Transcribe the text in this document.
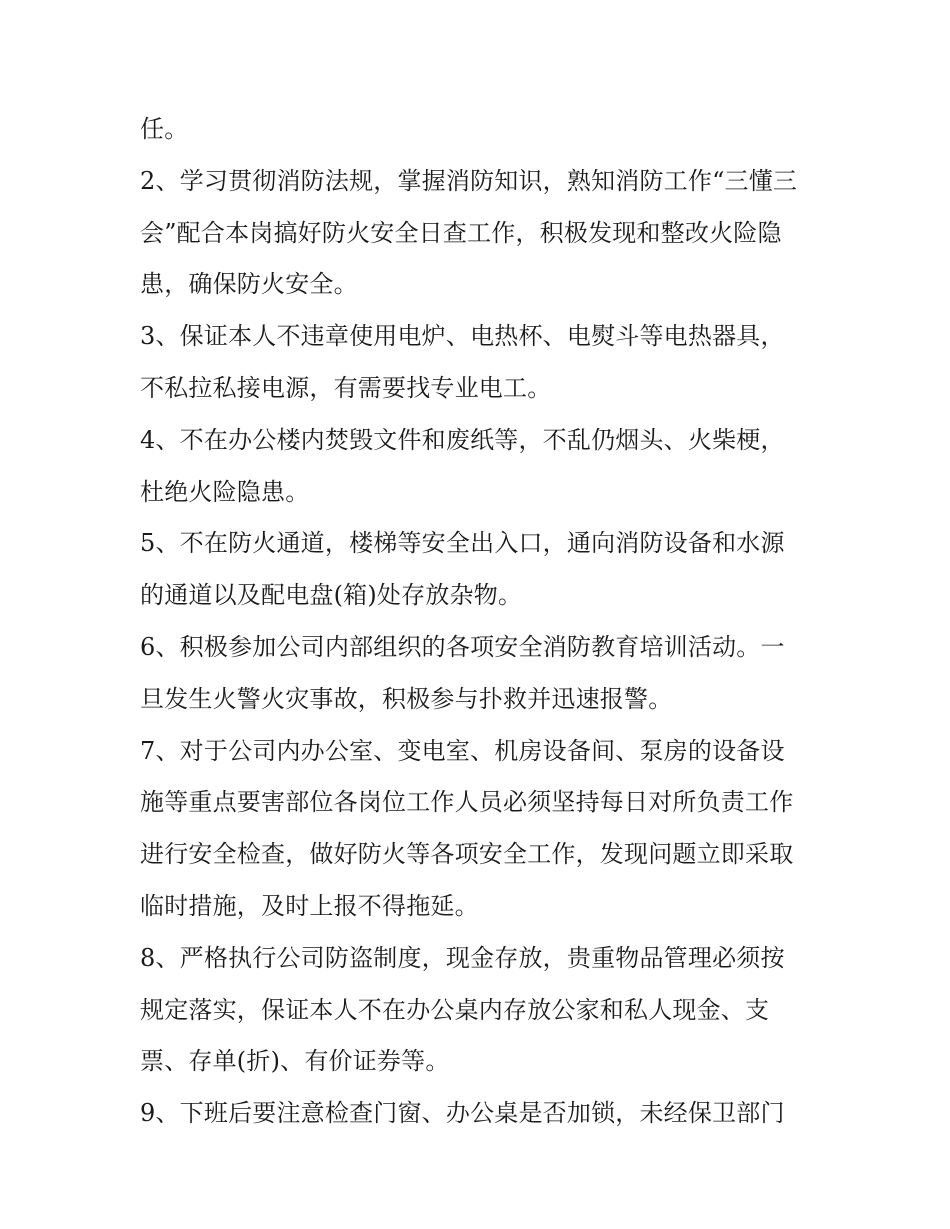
任。
2、学习贯彻消防法规，掌握消防知识，熟知消防工作“三懂三
会”配合本岗搞好防火安全日查工作，积极发现和整改火险隐
患，确保防火安全。
3、保证本人不违章使用电炉、电热杯、电熨斗等电热器具，
不私拉私接电源，有需要找专业电工。
4、不在办公楼内焚毁文件和废纸等，不乱仍烟头、火柴梗，
杜绝火险隐患。
5、不在防火通道，楼梯等安全出入口，通向消防设备和水源
的通道以及配电盘(箱)处存放杂物。
6、积极参加公司内部组织的各项安全消防教育培训活动。一
旦发生火警火灾事故，积极参与扑救并迅速报警。
7、对于公司内办公室、变电室、机房设备间、泵房的设备设
施等重点要害部位各岗位工作人员必须坚持每日对所负责工作
进行安全检查，做好防火等各项安全工作，发现问题立即采取
临时措施，及时上报不得拖延。
8、严格执行公司防盗制度，现金存放，贵重物品管理必须按
规定落实，保证本人不在办公桌内存放公家和私人现金、支
票、存单(折)、有价证券等。
9、下班后要注意检查门窗、办公桌是否加锁，未经保卫部门
